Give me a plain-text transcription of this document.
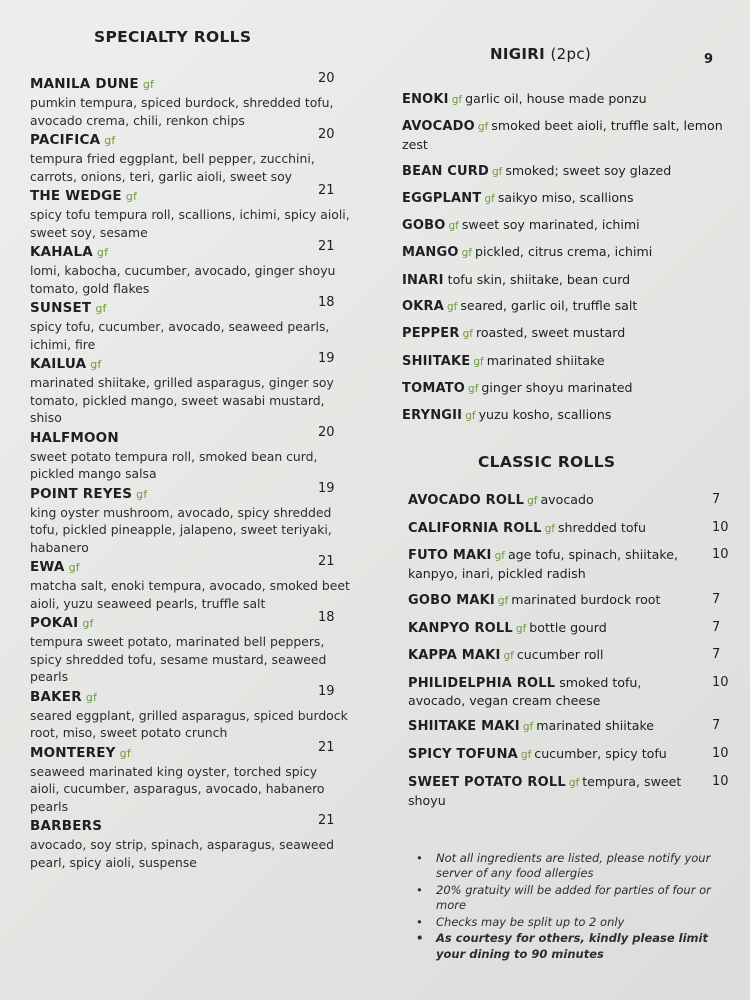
9
SPECIALTY ROLLS
MANILA DUNE gf
pumkin tempura, spiced burdock, shredded tofu, avocado crema, chili, renkon chips
20
PACIFICA gf
tempura fried eggplant, bell pepper, zucchini, carrots, onions, teri, garlic aioli, sweet soy
20
THE WEDGE gf
spicy tofu tempura roll, scallions, ichimi, spicy aioli, sweet soy, sesame
21
KAHALA gf
lomi, kabocha, cucumber, avocado, ginger shoyu tomato, gold flakes
21
SUNSET gf
spicy tofu, cucumber, avocado, seaweed pearls, ichimi, fire
18
KAILUA gf
marinated shiitake, grilled asparagus, ginger soy tomato, pickled mango, sweet wasabi mustard, shiso
19
HALFMOON
sweet potato tempura roll, smoked bean curd, pickled mango salsa
20
POINT REYES gf
king oyster mushroom, avocado, spicy shredded tofu, pickled pineapple, jalapeno, sweet teriyaki, habanero
19
EWA gf
matcha salt, enoki tempura, avocado, smoked beet aioli, yuzu seaweed pearls, truffle salt
21
POKAI gf
tempura sweet potato, marinated bell peppers, spicy shredded tofu, sesame mustard, seaweed pearls
18
BAKER gf
seared eggplant, grilled asparagus, spiced burdock root, miso, sweet potato crunch
19
MONTEREY gf
seaweed marinated king oyster, torched spicy aioli, cucumber, asparagus, avocado, habanero pearls
21
BARBERS
avocado, soy strip, spinach, asparagus, seaweed pearl, spicy aioli, suspense
21
NIGIRI (2pc)
ENOKI gf garlic oil, house made ponzu
AVOCADO gf smoked beet aioli, truffle salt, lemon zest
BEAN CURD gf smoked; sweet soy glazed
EGGPLANT gf saikyo miso, scallions
GOBO gf sweet soy marinated, ichimi
MANGO gf pickled, citrus crema, ichimi
INARI tofu skin, shiitake, bean curd
OKRA gf seared, garlic oil, truffle salt
PEPPER gf roasted, sweet mustard
SHIITAKE gf marinated shiitake
TOMATO gf ginger shoyu marinated
ERYNGII gf yuzu kosho, scallions
CLASSIC ROLLS
AVOCADO ROLL gf avocado	7
CALIFORNIA ROLL gf shredded tofu	10
FUTO MAKI gf age tofu, spinach, shiitake, kanpyo, inari, pickled radish
10
GOBO MAKI gf marinated burdock root	7
KANPYO ROLL gf bottle gourd	7
KAPPA MAKI gf cucumber roll	7
PHILIDELPHIA ROLL smoked tofu, avocado, vegan cream cheese
10
SHIITAKE MAKI gf marinated shiitake	7
SPICY TOFUNA gf cucumber, spicy tofu	10
SWEET POTATO ROLL gf tempura, sweet shoyu
10
• Not all ingredients are listed, please notify your server of any food allergies
• 20% gratuity will be added for parties of four or more
• Checks may be split up to 2 only
• As courtesy for others, kindly please limit your dining to 90 minutes
